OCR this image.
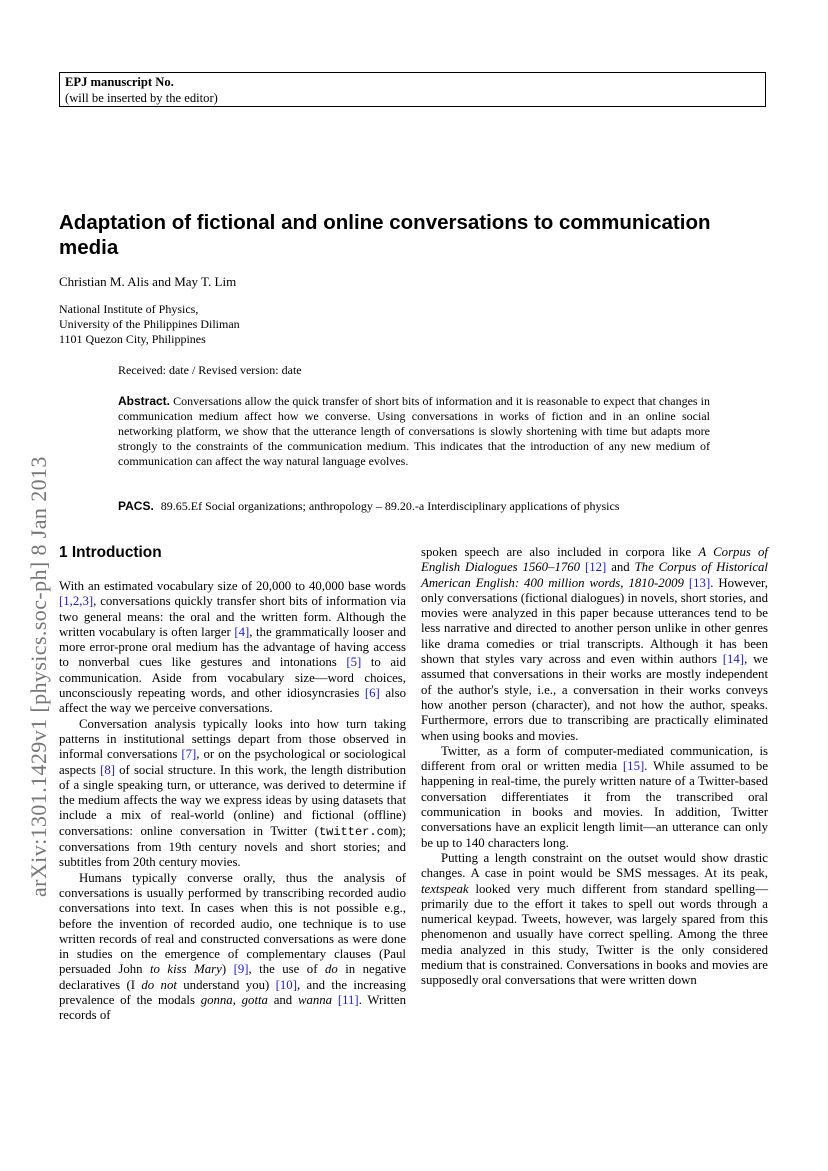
EPJ manuscript No.
(will be inserted by the editor)
arXiv:1301.1429v1 [physics.soc-ph] 8 Jan 2013
Adaptation of fictional and online conversations to communication media
Christian M. Alis and May T. Lim
National Institute of Physics,
University of the Philippines Diliman
1101 Quezon City, Philippines
Received: date / Revised version: date
Abstract. Conversations allow the quick transfer of short bits of information and it is reasonable to expect that changes in communication medium affect how we converse. Using conversations in works of fiction and in an online social networking platform, we show that the utterance length of conversations is slowly shortening with time but adapts more strongly to the constraints of the communication medium. This indicates that the introduction of any new medium of communication can affect the way natural language evolves.
PACS. 89.65.Ef Social organizations; anthropology – 89.20.-a Interdisciplinary applications of physics
1 Introduction

With an estimated vocabulary size of 20,000 to 40,000 base words [1,2,3], conversations quickly transfer short bits of information via two general means: the oral and the written form. Although the written vocabulary is often larger [4], the grammatically looser and more error-prone oral medium has the advantage of having access to nonverbal cues like gestures and intonations [5] to aid communication. Aside from vocabulary size—word choices, unconsciously repeating words, and other idiosyncrasies [6] also affect the way we perceive conversations.

Conversation analysis typically looks into how turn taking patterns in institutional settings depart from those observed in informal conversations [7], or on the psychological or sociological aspects [8] of social structure. In this work, the length distribution of a single speaking turn, or utterance, was derived to determine if the medium affects the way we express ideas by using datasets that include a mix of real-world (online) and fictional (offline) conversations: online conversation in Twitter (twitter.com); conversations from 19th century novels and short stories; and subtitles from 20th century movies.

Humans typically converse orally, thus the analysis of conversations is usually performed by transcribing recorded audio conversations into text. In cases when this is not possible e.g., before the invention of recorded audio, one technique is to use written records of real and constructed conversations as were done in studies on the emergence of complementary clauses (Paul persuaded John to kiss Mary) [9], the use of do in negative declaratives (I do not understand you) [10], and the increasing prevalence of the modals gonna, gotta and wanna [11]. Written records of

spoken speech are also included in corpora like A Corpus of English Dialogues 1560–1760 [12] and The Corpus of Historical American English: 400 million words, 1810-2009 [13]. However, only conversations (fictional dialogues) in novels, short stories, and movies were analyzed in this paper because utterances tend to be less narrative and directed to another person unlike in other genres like drama comedies or trial transcripts. Although it has been shown that styles vary across and even within authors [14], we assumed that conversations in their works are mostly independent of the author's style, i.e., a conversation in their works conveys how another person (character), and not how the author, speaks. Furthermore, errors due to transcribing are practically eliminated when using books and movies.

Twitter, as a form of computer-mediated communication, is different from oral or written media [15]. While assumed to be happening in real-time, the purely written nature of a Twitter-based conversation differentiates it from the transcribed oral communication in books and movies. In addition, Twitter conversations have an explicit length limit—an utterance can only be up to 140 characters long.

Putting a length constraint on the outset would show drastic changes. A case in point would be SMS messages. At its peak, textspeak looked very much different from standard spelling—primarily due to the effort it takes to spell out words through a numerical keypad. Tweets, however, was largely spared from this phenomenon and usually have correct spelling. Among the three media analyzed in this study, Twitter is the only considered medium that is constrained. Conversations in books and movies are supposedly oral conversations that were written down
